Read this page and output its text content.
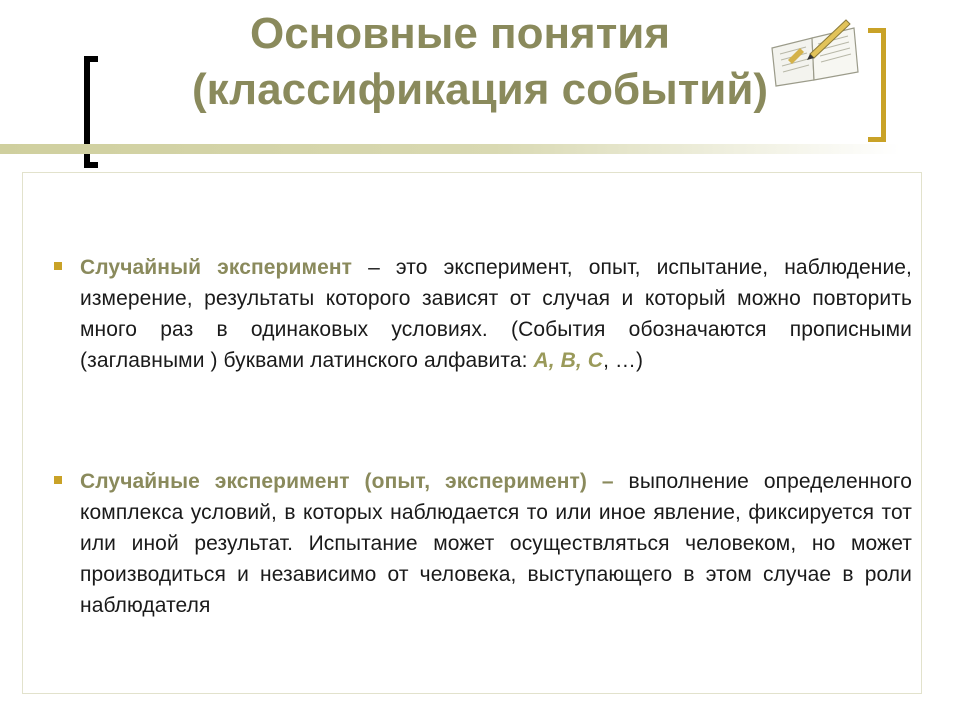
Основные понятия
(классификация событий)
Случайный эксперимент – это эксперимент, опыт, испытание, наблюдение, измерение, результаты которого зависят от случая и который можно повторить много раз в одинаковых условиях. (События обозначаются прописными (заглавными ) буквами латинского алфавита: A, B, C, …)
Случайные эксперимент (опыт, эксперимент) – выполнение определенного комплекса условий, в которых наблюдается то или иное явление, фиксируется тот или иной результат. Испытание может осуществляться человеком, но может производиться и независимо от человека, выступающего в этом случае в роли наблюдателя
